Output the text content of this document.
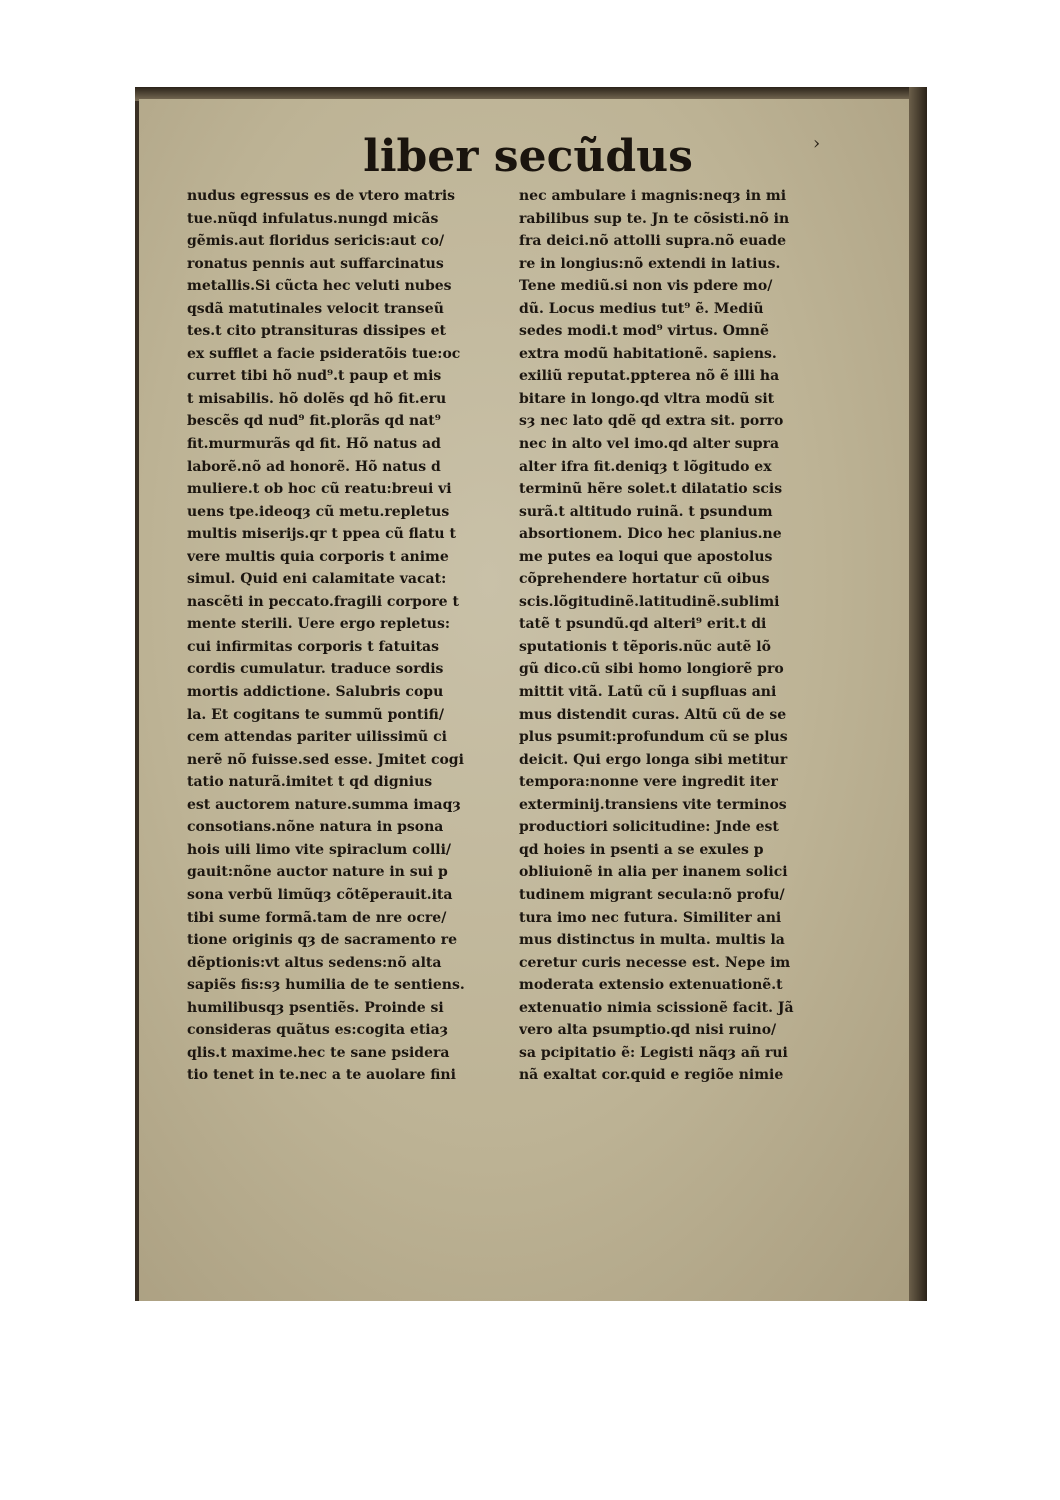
liber secũdus	›
nudus egressus es de vtero matris
tue.nũqd infulatus.nungd micãs
gẽmis.aut floridus sericis:aut co/
ronatus pennis aut suffarcinatus
metallis.Si cũcta hec veluti nubes
qsdã matutinales velocit transeũ
tes.t cito ptransituras dissipes et
ex sufflet a facie psideratõis tue:oc
curret tibi hõ nud⁹.t paup et mis
t misabilis. hõ dolẽs qd hõ fit.eru
bescẽs qd nud⁹ fit.plorãs qd nat⁹
fit.murmurãs qd fit. Hõ natus ad
laborẽ.nõ ad honorẽ. Hõ natus d
muliere.t ob hoc cũ reatu:breui vi
uens tpe.ideoqȝ cũ metu.repletus
multis miserijs.qr t ppea cũ flatu t
vere multis quia corporis t anime
simul. Quid eni calamitate vacat:
nascẽti in peccato.fragili corpore t
mente sterili. Uere ergo repletus:
cui infirmitas corporis t fatuitas
cordis cumulatur. traduce sordis
mortis addictione. Salubris copu
la. Et cogitans te summũ pontifi/
cem attendas pariter uilissimũ ci
nerẽ nõ fuisse.sed esse. Jmitet cogi
tatio naturã.imitet t qd dignius
est auctorem nature.summa imaqȝ
consotians.nõne natura in psona
hois uili limo vite spiraclum colli/
gauit:nõne auctor nature in sui p
sona verbũ limũqȝ cõtẽperauit.ita
tibi sume formã.tam de nre ocre/
tione originis qȝ de sacramento re
dẽptionis:vt altus sedens:nõ alta
sapiẽs fis:sȝ humilia de te sentiens.
humilibusqȝ psentiẽs. Proinde si
consideras quãtus es:cogita etiaȝ
qlis.t maxime.hec te sane psidera
tio tenet in te.nec a te auolare fini
nec ambulare i magnis:neqȝ in mi
rabilibus sup te. Jn te cõsisti.nõ in
fra deici.nõ attolli supra.nõ euade
re in longius:nõ extendi in latius.
Tene mediũ.si non vis pdere mo/
dũ. Locus medius tut⁹ ẽ. Mediũ
sedes modi.t mod⁹ virtus. Omnẽ
extra modũ habitationẽ. sapiens.
exiliũ reputat.ppterea nõ ẽ illi ha
bitare in longo.qd vltra modũ sit
sȝ nec lato qdẽ qd extra sit. porro
nec in alto vel imo.qd alter supra
alter ifra fit.deniqȝ t lõgitudo ex
terminũ hẽre solet.t dilatatio scis
surã.t altitudo ruinã. t psundum
absortionem. Dico hec planius.ne
me putes ea loqui que apostolus
cõprehendere hortatur cũ oibus
scis.lõgitudinẽ.latitudinẽ.sublimi
tatẽ t psundũ.qd alteri⁹ erit.t di
sputationis t tẽporis.nũc autẽ lõ
gũ dico.cũ sibi homo longiorẽ pro
mittit vitã. Latũ cũ i supfluas ani
mus distendit curas. Altũ cũ de se
plus psumit:profundum cũ se plus
deicit. Qui ergo longa sibi metitur
tempora:nonne vere ingredit iter
exterminij.transiens vite terminos
productiori solicitudine: Jnde est
qd hoies in psenti a se exules p
obliuionẽ in alia per inanem solici
tudinem migrant secula:nõ profu/
tura imo nec futura. Similiter ani
mus distinctus in multa. multis la
ceretur curis necesse est. Nepe im
moderata extensio extenuationẽ.t
extenuatio nimia scissionẽ facit. Jã
vero alta psumptio.qd nisi ruino/
sa pcipitatio ẽ: Legisti nãqȝ añ rui
nã exaltat cor.quid e regiõe nimie
